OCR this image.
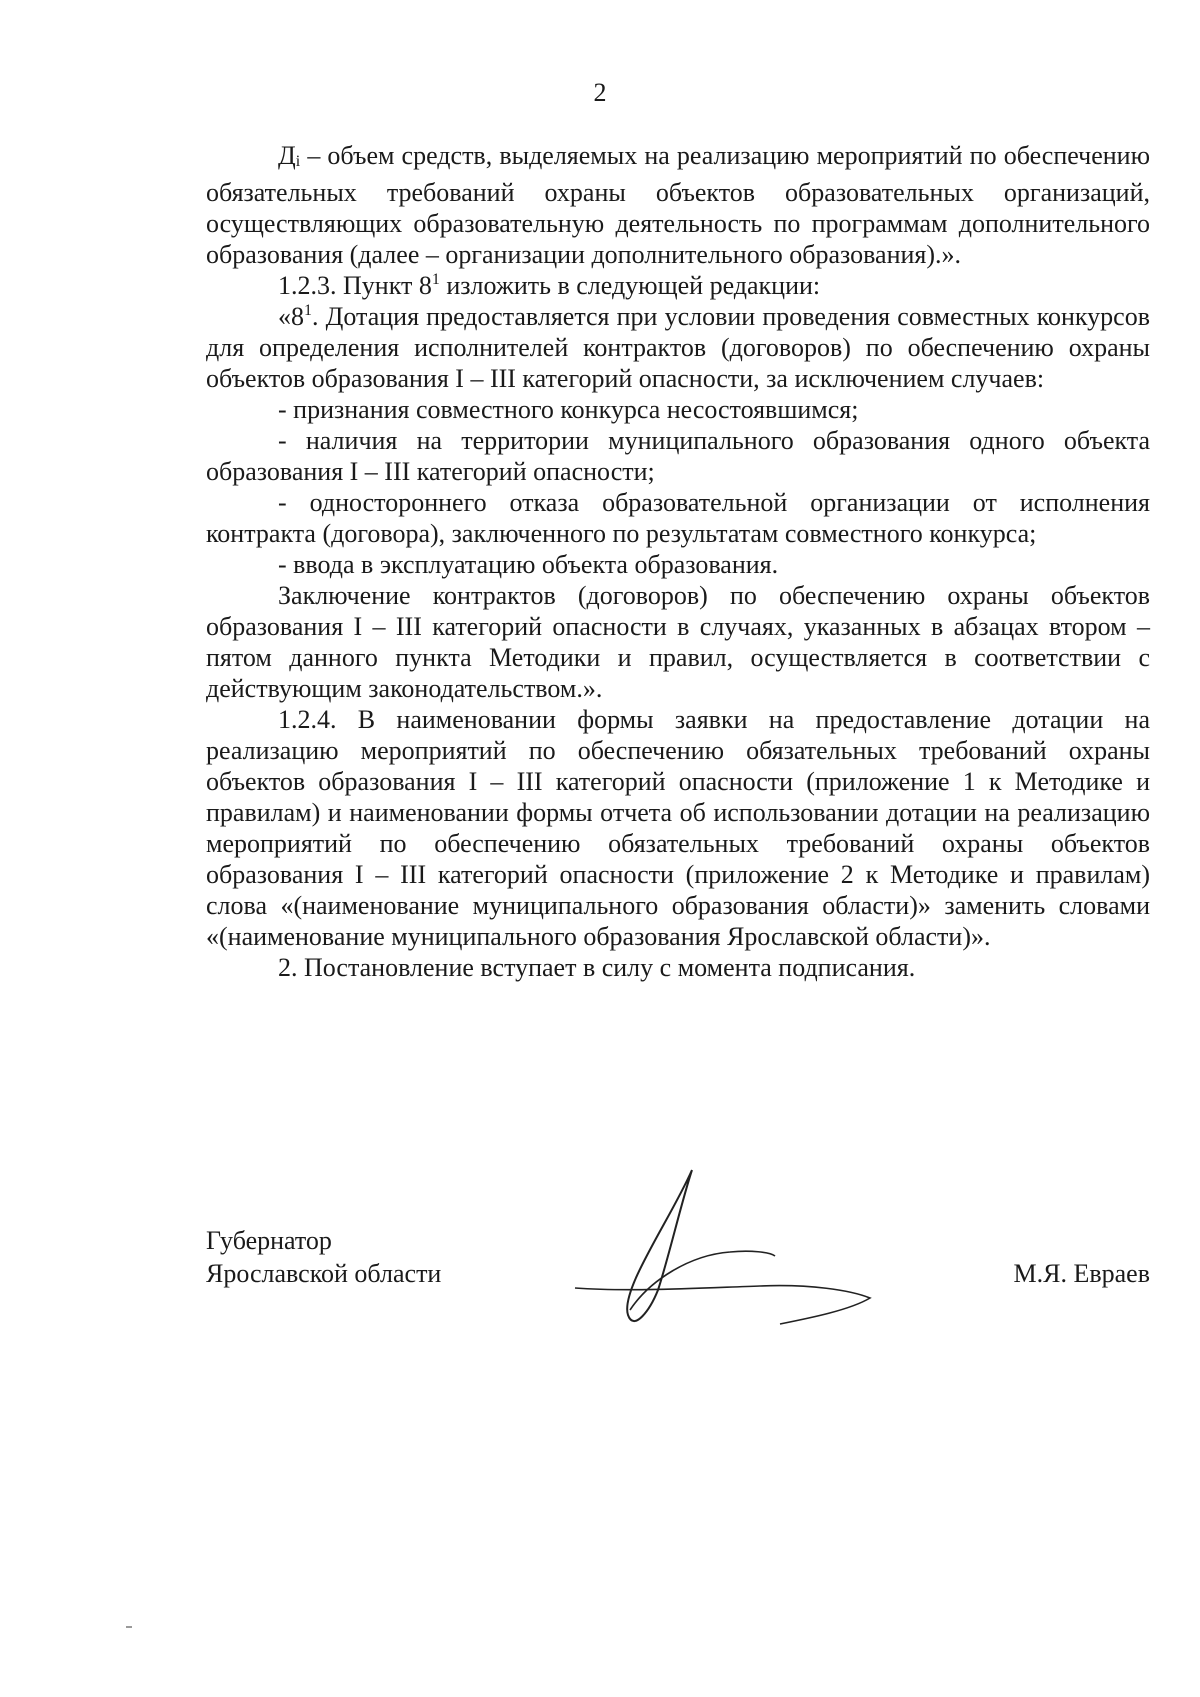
2

Дi – объем средств, выделяемых на реализацию мероприятий по обеспечению обязательных требований охраны объектов образовательных организаций, осуществляющих образовательную деятельность по программам дополнительного образования (далее – организации дополнительного образования).».

1.2.3. Пункт $8^1$ изложить в следующей редакции:

«$8^1$. Дотация предоставляется при условии проведения совместных конкурсов для определения исполнителей контрактов (договоров) по обеспечению охраны объектов образования I – III категорий опасности, за исключением случаев:

- признания совместного конкурса несостоявшимся;

- наличия на территории муниципального образования одного объекта образования I – III категорий опасности;

- одностороннего отказа образовательной организации от исполнения контракта (договора), заключенного по результатам совместного конкурса;

- ввода в эксплуатацию объекта образования.

Заключение контрактов (договоров) по обеспечению охраны объектов образования I – III категорий опасности в случаях, указанных в абзацах втором – пятом данного пункта Методики и правил, осуществляется в соответствии с действующим законодательством.».

1.2.4. В наименовании формы заявки на предоставление дотации на реализацию мероприятий по обеспечению обязательных требований охраны объектов образования I – III категорий опасности (приложение 1 к Методике и правилам) и наименовании формы отчета об использовании дотации на реализацию мероприятий по обеспечению обязательных требований охраны объектов образования I – III категорий опасности (приложение 2 к Методике и правилам) слова «(наименование муниципального образования области)» заменить словами «(наименование муниципального образования Ярославской области)».

2. Постановление вступает в силу с момента подписания.

Губернатор
Ярославской области	М.Я. Евраев
